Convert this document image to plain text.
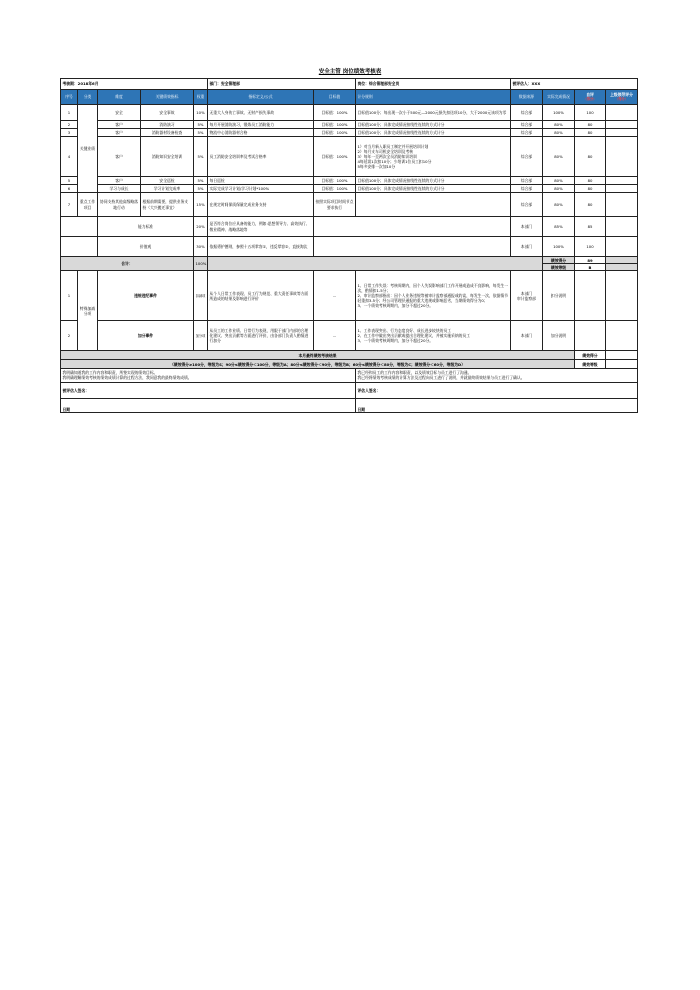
安全主管 岗位绩效考核表
考核期：2018年6月					部门：安全管理部		岗位：综合管理部安全员	被评估人：XXX			
序号	分类	维度	关键绩效指标	权重	指标定义/公式	目标值	计分规则	数据来源	实际完成情况	自评
（得分）	上级领导评分
（得分）

1	关键业绩	安全	安全事故	10%	无重大人身伤亡事故、无财产损失事故	目标值：100%	目标值100分；每出现一次小于500元—2000元损失扣送项10分，大于2000元该项为零	综合部	100%	100	
2		客户	消防演习	5%	每月开展消防演习，锻炼员工消防能力	目标值：100%	目标值100分；具体完成情况按线性连续的方式计分	综合部	80%	80	
3		客户	消防器材设备检查	5%	物流中心消防器材合格	目标值：100%	目标值100分；具体完成情况按线性连续的方式计分	综合部	80%	80	
4		客户	消防知识安全培训	5%	员工消防安全培训率及考试合格率	目标值：100%	1）对当月新入职员工制定并开展培训计划
2）每月支车司机安全培训及考核
3）每年一至两次全员消防知识培训
4每延误1次扣10分；少培训1位员工扣10分
5每多安排一次加10分	综合部	80%	80	
5		客户	安全巡检	5%	每日巡检	目标值：100%	目标值100分；具体完成情况按线性连续的方式计分	综合部	80%	80	
6		学习与成长	学习计划完成率	5%	实际完成学习计划/学习计划*100%	目标值：100%	目标值100分；具体完成情况按线性连续的方式计分	综合部	80%	80	
7	重点工作项目	协同支持其他高级略落地行动	根据前期需要，提供业务支持（大兴搬迁事宜）	15%	在规定时间保质保量完成业务支持	按照实际项目时间节点要求执行		综合部	80%	80	
		能力标准		20%	是否符合岗位应具备的能力，例如:思想领导力、高效执行、敬业精神、战略落地等			本部门	85%	85	
		价值观		30%	依据勇护德则，参照十五项掌容①，违反掌容②，直接淘汰			本部门	100%	100	
合计：				100%					绩效得分	89	
									绩效等级	B	
1	特殊加减分项	违规违纪事件		扣减项	从个人日常工作表现、员工行为规范、重大责任事故等方面所造成的结果及影响进行评价	--	1、日常工作失误：考核周期内，因个人失误影响部门工作开展或造成不良影响，每发生一次，酌情扣1-5分；
2、审计监察部指出：因个人业务违规等被审计监察部通报或约谈，每发生一次，依据情节轻重扣3-5分；经公司管理层通报的重大违规或影响恶劣，当期绩效得分为0；
3、一个绩效考核周期内，加分不超过20分。	本部门
审计监察部	扣分说明		
2		加分事件		加分项	从员工的工作业绩、日常行为表现，用限于部门内部的合理化建议、突出贡献等方面进行评价，由各部门负责人酌情进行加分	--	1、工作表现突出、行为态度良好、成长进步较快的员工
2、在工作中做出突出贡献或提出合理化建议，并被实施采纳的员工
3、一个绩效考核周期内，加分不超过20分。	本部门	加分说明		
本月最终绩效考核结果										绩效得分	
（绩效得分≥100分，等级为S；90分≤绩效得分＜100分，等级为A；80分≤绩效得分＜90分，等级为B；60分≤绩效得分＜80分，等级为C；绩效得分＜60分，等级为D）										绩效等级	

我明确知道我的工作内容和职责，所签实现的绩效目标。
我明确理解绩效考核的绩效成绩计算的过程方法，我同意我的最终绩效成绩。							我已经和员工的工作内容和职责，以及绩效目标与员工进行了沟通。
我已经将绩效考核成绩的计算方法及过程向员工进行了说明，并就最终绩效结果与员工进行了确认。				

被评估人签名：							评估人签名：				
日期							日期				
